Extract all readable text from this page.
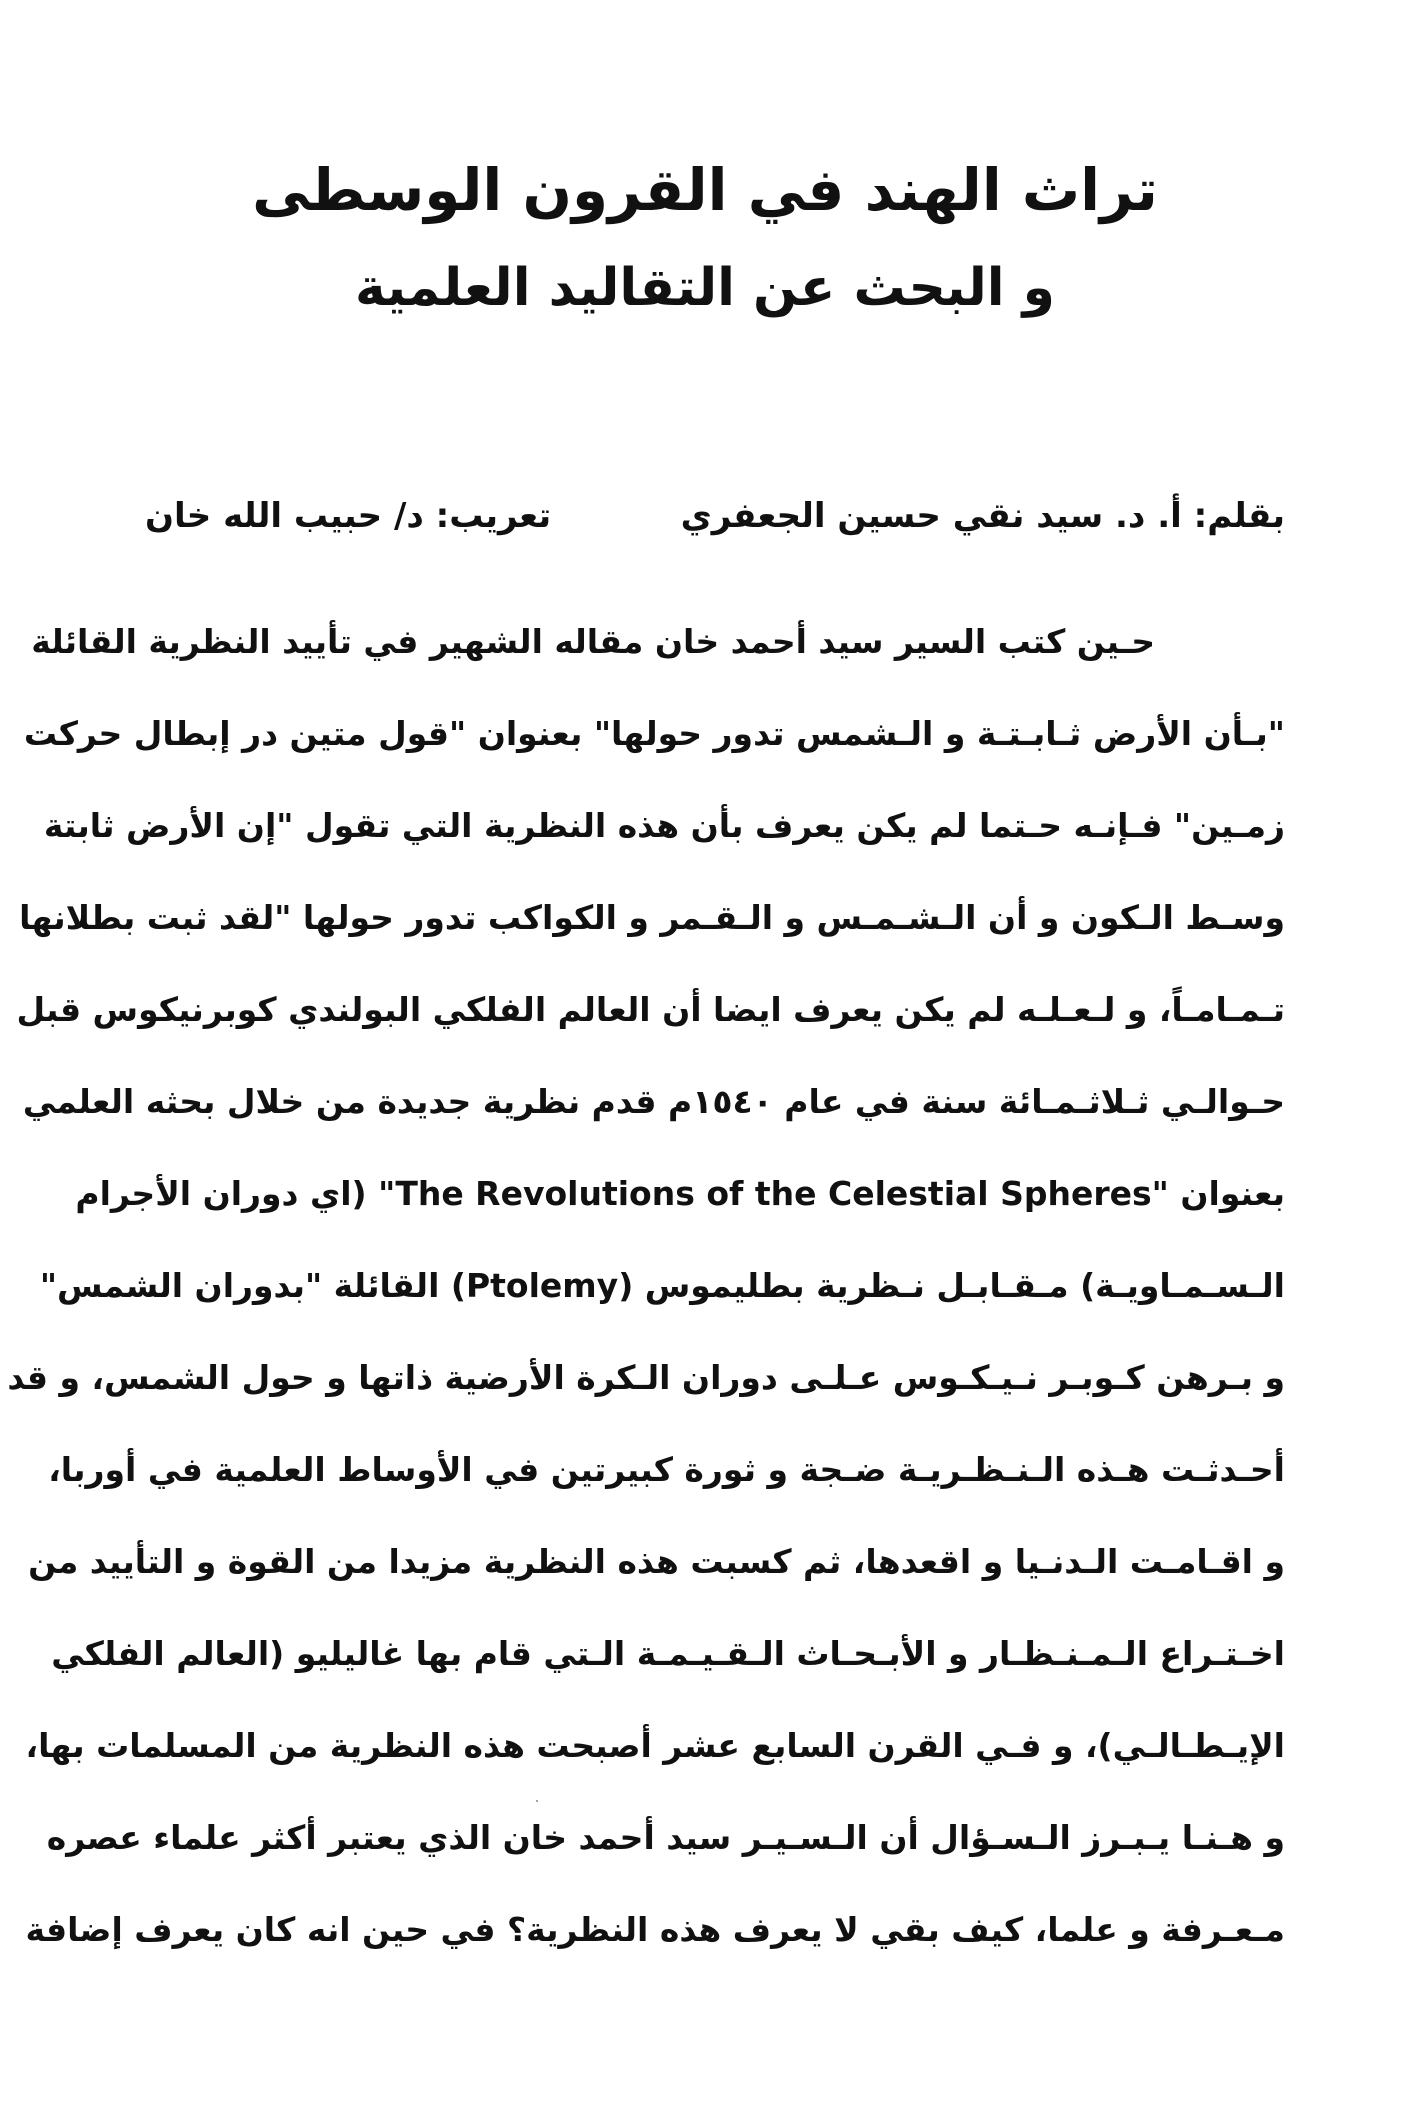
تراث الهند في القرون الوسطى
و البحث عن التقاليد العلمية
بقلم: أ. د. سيد نقي حسين الجعفري
تعريب: د/ حبيب الله خان
حـين كتب السير سيد أحمد خان مقاله الشهير في تأييد النظرية القائلة
"بـأن الأرض ثـابـتـة و الـشمس تدور حولها" بعنوان "قول متين در إبطال حركت
زمـين" فـإنـه حـتما لم يكن يعرف بأن هذه النظرية التي تقول "إن الأرض ثابتة
وسـط الـكون و أن الـشـمـس و الـقـمر و الكواكب تدور حولها "لقد ثبت بطلانها
تـمـامـاً، و لـعـلـه لم يكن يعرف ايضا أن العالم الفلكي البولندي كوبرنيكوس قبل
حـوالـي ثـلاثـمـائة سنة في عام ١٥٤٠م قدم نظرية جديدة من خلال بحثه العلمي
بعنوان "The Revolutions of the Celestial Spheres" (اي دوران الأجرام
الـسـمـاويـة) مـقـابـل نـظرية بطليموس (Ptolemy) القائلة "بدوران الشمس"
و بـرهن كـوبـر نـيـكـوس عـلـى دوران الـكرة الأرضية ذاتها و حول الشمس، و قد
أحـدثـت هـذه الـنـظـريـة ضـجة و ثورة كبيرتين في الأوساط العلمية في أوربا،
و اقـامـت الـدنـيا و اقعدها، ثم كسبت هذه النظرية مزيدا من القوة و التأييد من
اخـتـراع الـمـنـظـار و الأبـحـاث الـقـيـمـة الـتي قام بها غاليليو (العالم الفلكي
الإيـطـالـي)، و فـي القرن السابع عشر أصبحت هذه النظرية من المسلمات بها،
و هـنـا يـبـرز الـسـؤال أن الـسـيـر سيد أحمد خان الذي يعتبر أكثر علماء عصره
مـعـرفة و علما، كيف بقي لا يعرف هذه النظرية؟ في حين انه كان يعرف إضافة
